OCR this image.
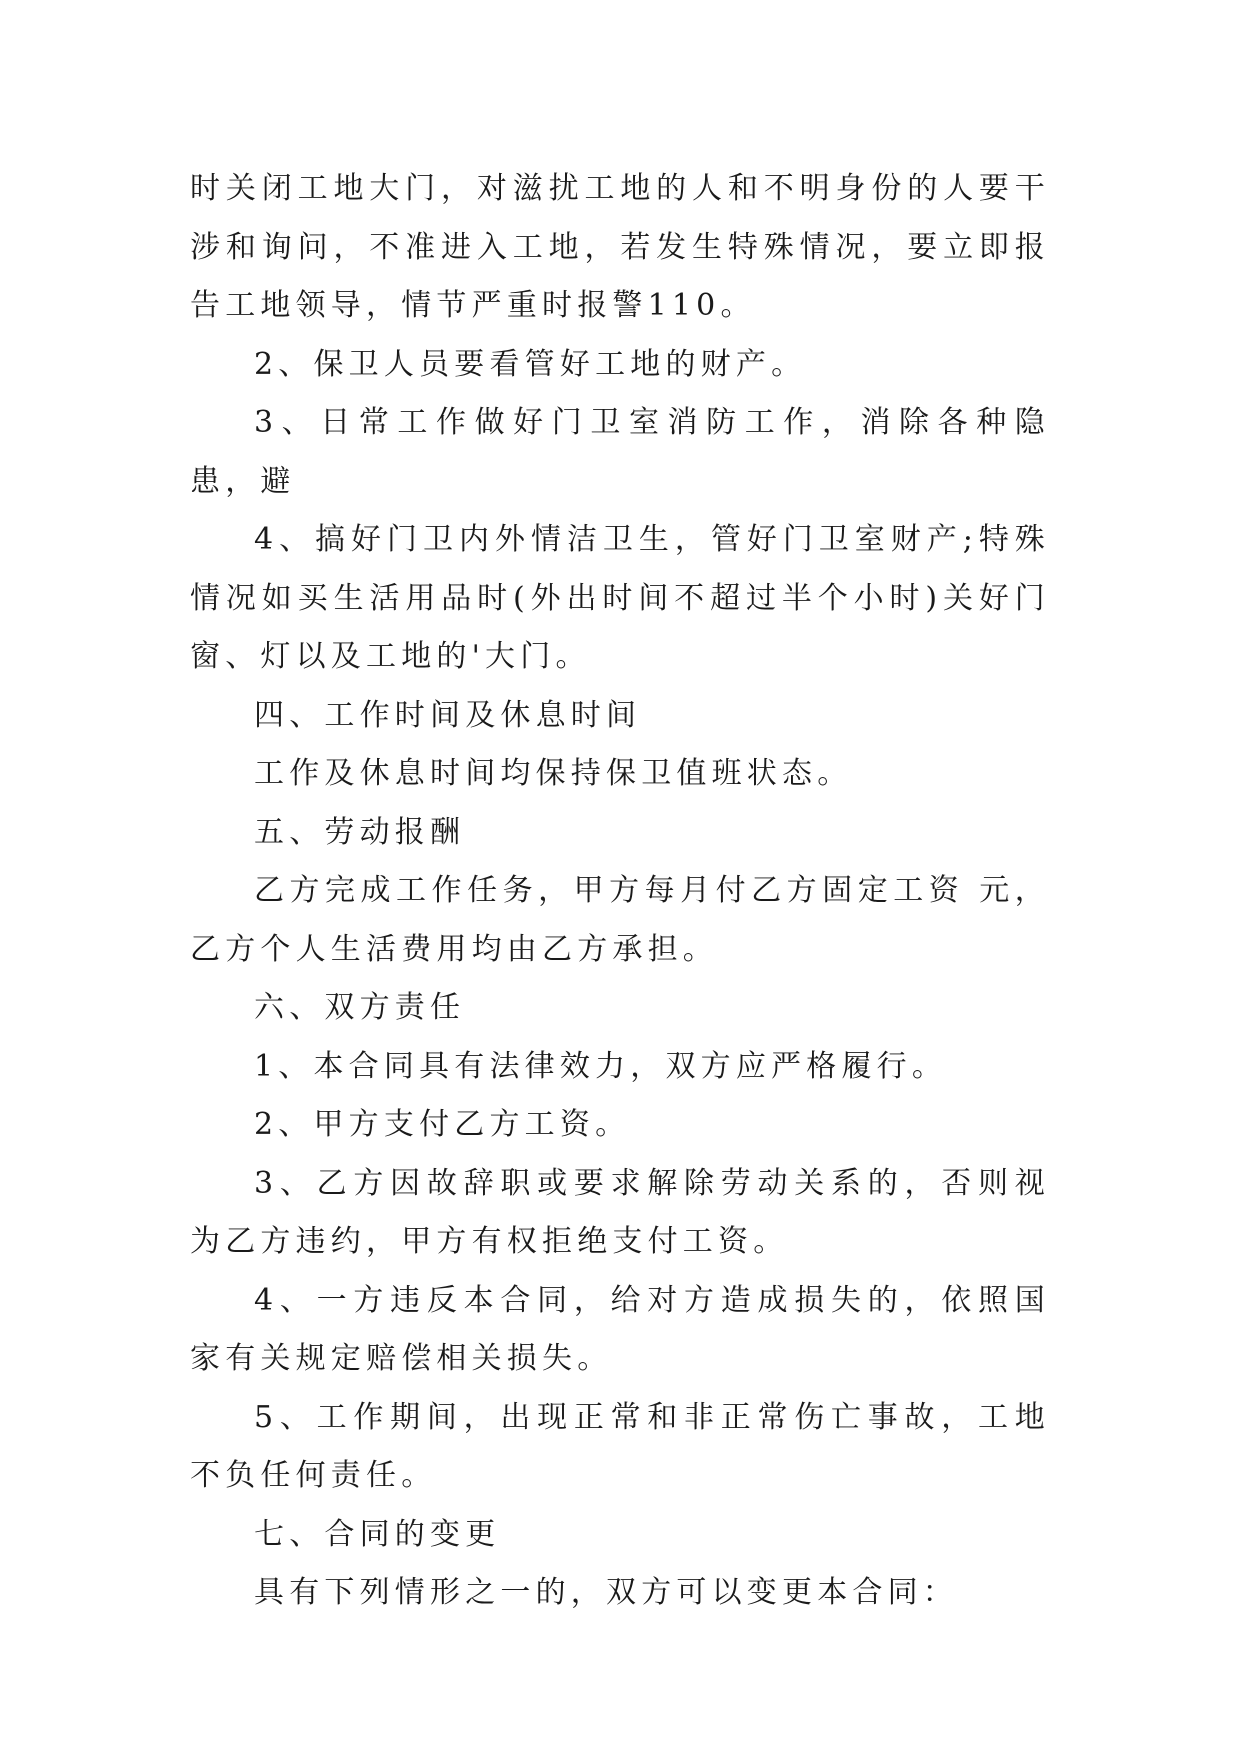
时关闭工地大门，对滋扰工地的人和不明身份的人要干涉和询问，不准进入工地，若发生特殊情况，要立即报告工地领导，情节严重时报警110。

2、保卫人员要看管好工地的财产。

3、日常工作做好门卫室消防工作，消除各种隐患，避

4、搞好门卫内外情洁卫生，管好门卫室财产;特殊情况如买生活用品时(外出时间不超过半个小时)关好门窗、灯以及工地的'大门。

四、工作时间及休息时间

工作及休息时间均保持保卫值班状态。

五、劳动报酬

乙方完成工作任务，甲方每月付乙方固定工资 元，乙方个人生活费用均由乙方承担。

六、双方责任

1、本合同具有法律效力，双方应严格履行。

2、甲方支付乙方工资。

3、乙方因故辞职或要求解除劳动关系的，否则视为乙方违约，甲方有权拒绝支付工资。

4、一方违反本合同，给对方造成损失的，依照国家有关规定赔偿相关损失。

5、工作期间，出现正常和非正常伤亡事故，工地不负任何责任。

七、合同的变更

具有下列情形之一的，双方可以变更本合同：
